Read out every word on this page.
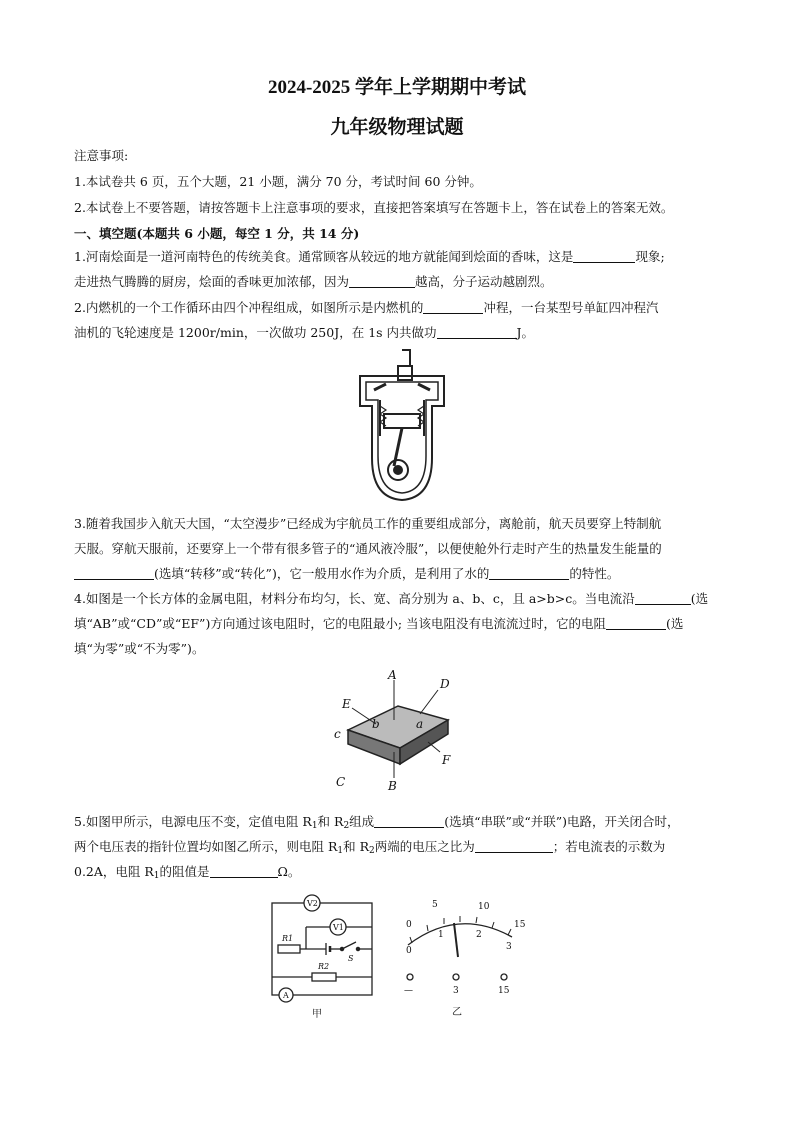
2024-2025 学年上学期期中考试
九年级物理试题
注意事项:
1.本试卷共 6 页，五个大题，21 小题，满分 70 分，考试时间 60 分钟。
2.本试卷上不要答题，请按答题卡上注意事项的要求，直接把答案填写在答题卡上，答在试卷上的答案无效。
一、填空题(本题共 6 小题，每空 1 分，共 14 分)
1.河南烩面是一道河南特色的传统美食。通常顾客从较远的地方就能闻到烩面的香味，这是	现象;
走进热气腾腾的厨房，烩面的香味更加浓郁，因为	越高，分子运动越剧烈。
2.内燃机的一个工作循环由四个冲程组成，如图所示是内燃机的	冲程，一台某型号单缸四冲程汽
油机的飞轮速度是 1200r/min，一次做功 250J，在 1s 内共做功	J。
3.随着我国步入航天大国，“太空漫步”已经成为宇航员工作的重要组成部分，离舱前，航天员要穿上特制航
天服。穿航天服前，还要穿上一个带有很多管子的“通风液冷服”，以便使舱外行走时产生的热量发生能量的
(选填“转移”或“转化”)，它一般用水作为介质，是利用了水的	的特性。
4.如图是一个长方体的金属电阻，材料分布均匀，长、宽、高分别为 a、b、c，且 a>b>c。当电流沿	(选
填“AB”或“CD”或“EF”)方向通过该电阻时，它的电阻最小; 当该电阻没有电流流过时，它的电阻	(选
填“为零”或“不为零”)。
A
B
C
D
E
F
a
b
c
5.如图甲所示，电源电压不变，定值电阻 $R_1$和 $R_2$组成	(选填“串联”或“并联”)电路，开关闭合时，
两个电压表的指针位置均如图乙所示，则电阻 $R_1$和 $R_2$两端的电压之比为	；若电流表的示数为
0.2A，电阻 $R_1$的阻值是	Ω。
V2
V1
R1
R2
S
A
甲
0
5	10
15
0
1	2
3
—	3	15
乙
